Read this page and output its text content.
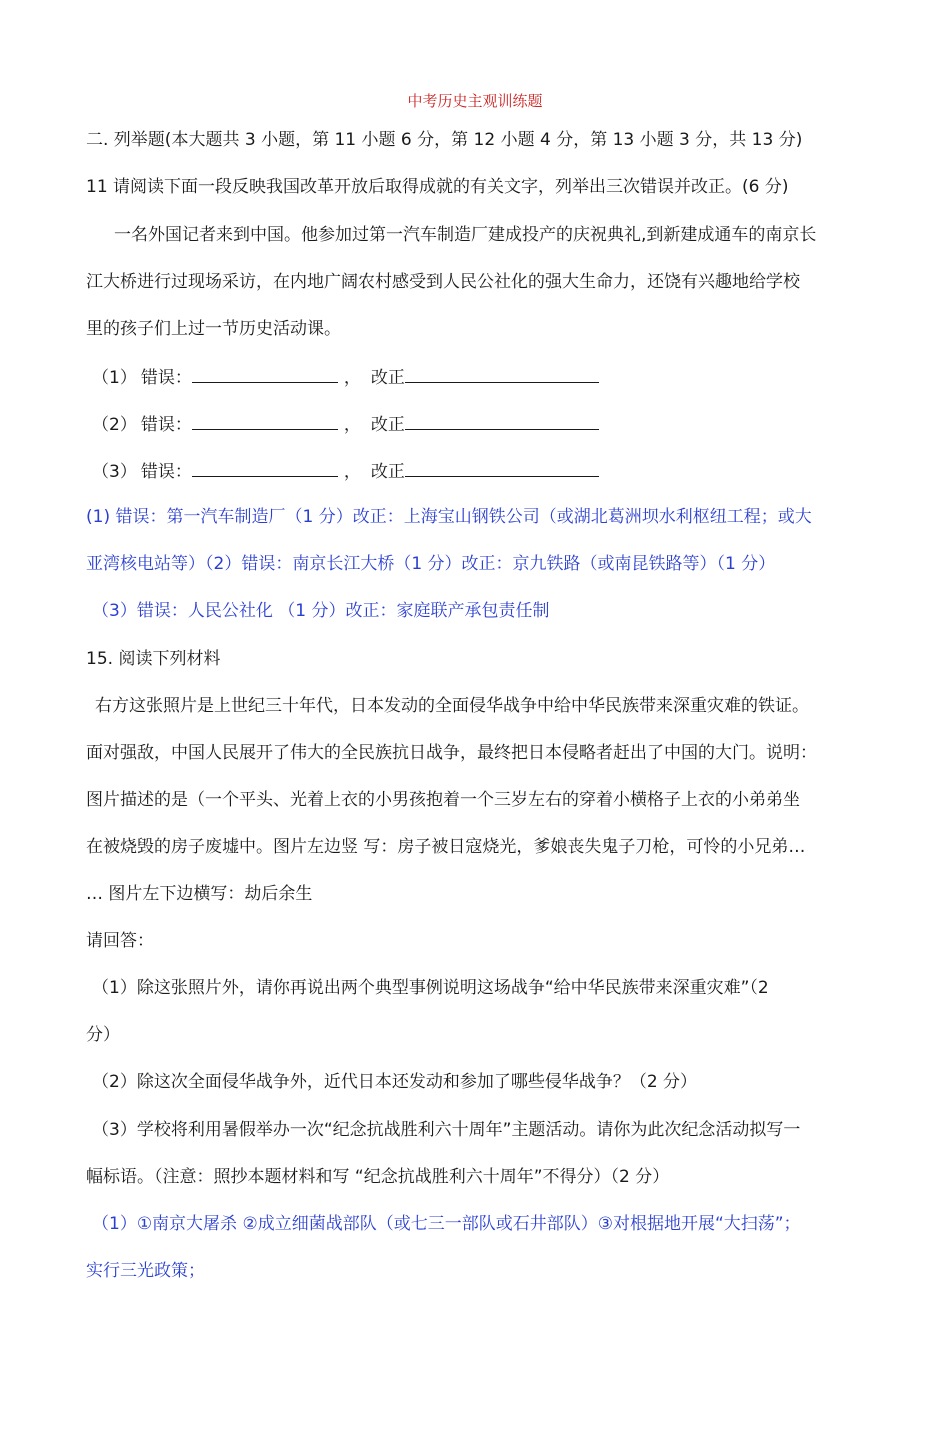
中考历史主观训练题
二. 列举题(本大题共 3 小题，第 11 小题 6 分，第 12 小题 4 分，第 13 小题 3 分，共 13 分)
11 请阅读下面一段反映我国改革开放后取得成就的有关文字，列举出三次错误并改正。(6 分)
一名外国记者来到中国。他参加过第一汽车制造厂建成投产的庆祝典礼,到新建成通车的南京长
江大桥进行过现场采访，在内地广阔农村感受到人民公社化的强大生命力，还饶有兴趣地给学校
里的孩子们上过一节历史活动课。
（1） 错误：	， 改正
（2） 错误：	， 改正
（3） 错误：	， 改正
(1) 错误：第一汽车制造厂（1 分）改正：上海宝山钢铁公司（或湖北葛洲坝水利枢纽工程；或大
亚湾核电站等）（2）错误：南京长江大桥（1 分）改正：京九铁路（或南昆铁路等）（1 分）
（3）错误：人民公社化 （1 分）改正：家庭联产承包责任制
15. 阅读下列材料
右方这张照片是上世纪三十年代，日本发动的全面侵华战争中给中华民族带来深重灾难的铁证。
面对强敌，中国人民展开了伟大的全民族抗日战争，最终把日本侵略者赶出了中国的大门。说明：
图片描述的是（一个平头、光着上衣的小男孩抱着一个三岁左右的穿着小横格子上衣的小弟弟坐
在被烧毁的房子废墟中。图片左边竖 写：房子被日寇烧光，爹娘丧失鬼子刀枪，可怜的小兄弟…
… 图片左下边横写：劫后余生
请回答：
（1）除这张照片外，请你再说出两个典型事例说明这场战争“给中华民族带来深重灾难”（2
分）
（2）除这次全面侵华战争外，近代日本还发动和参加了哪些侵华战争？（2 分）
（3）学校将利用暑假举办一次“纪念抗战胜利六十周年”主题活动。请你为此次纪念活动拟写一
幅标语。（注意：照抄本题材料和写 “纪念抗战胜利六十周年”不得分）（2 分）
（1）①南京大屠杀 ②成立细菌战部队（或七三一部队或石井部队）③对根据地开展“大扫荡”；
实行三光政策；
